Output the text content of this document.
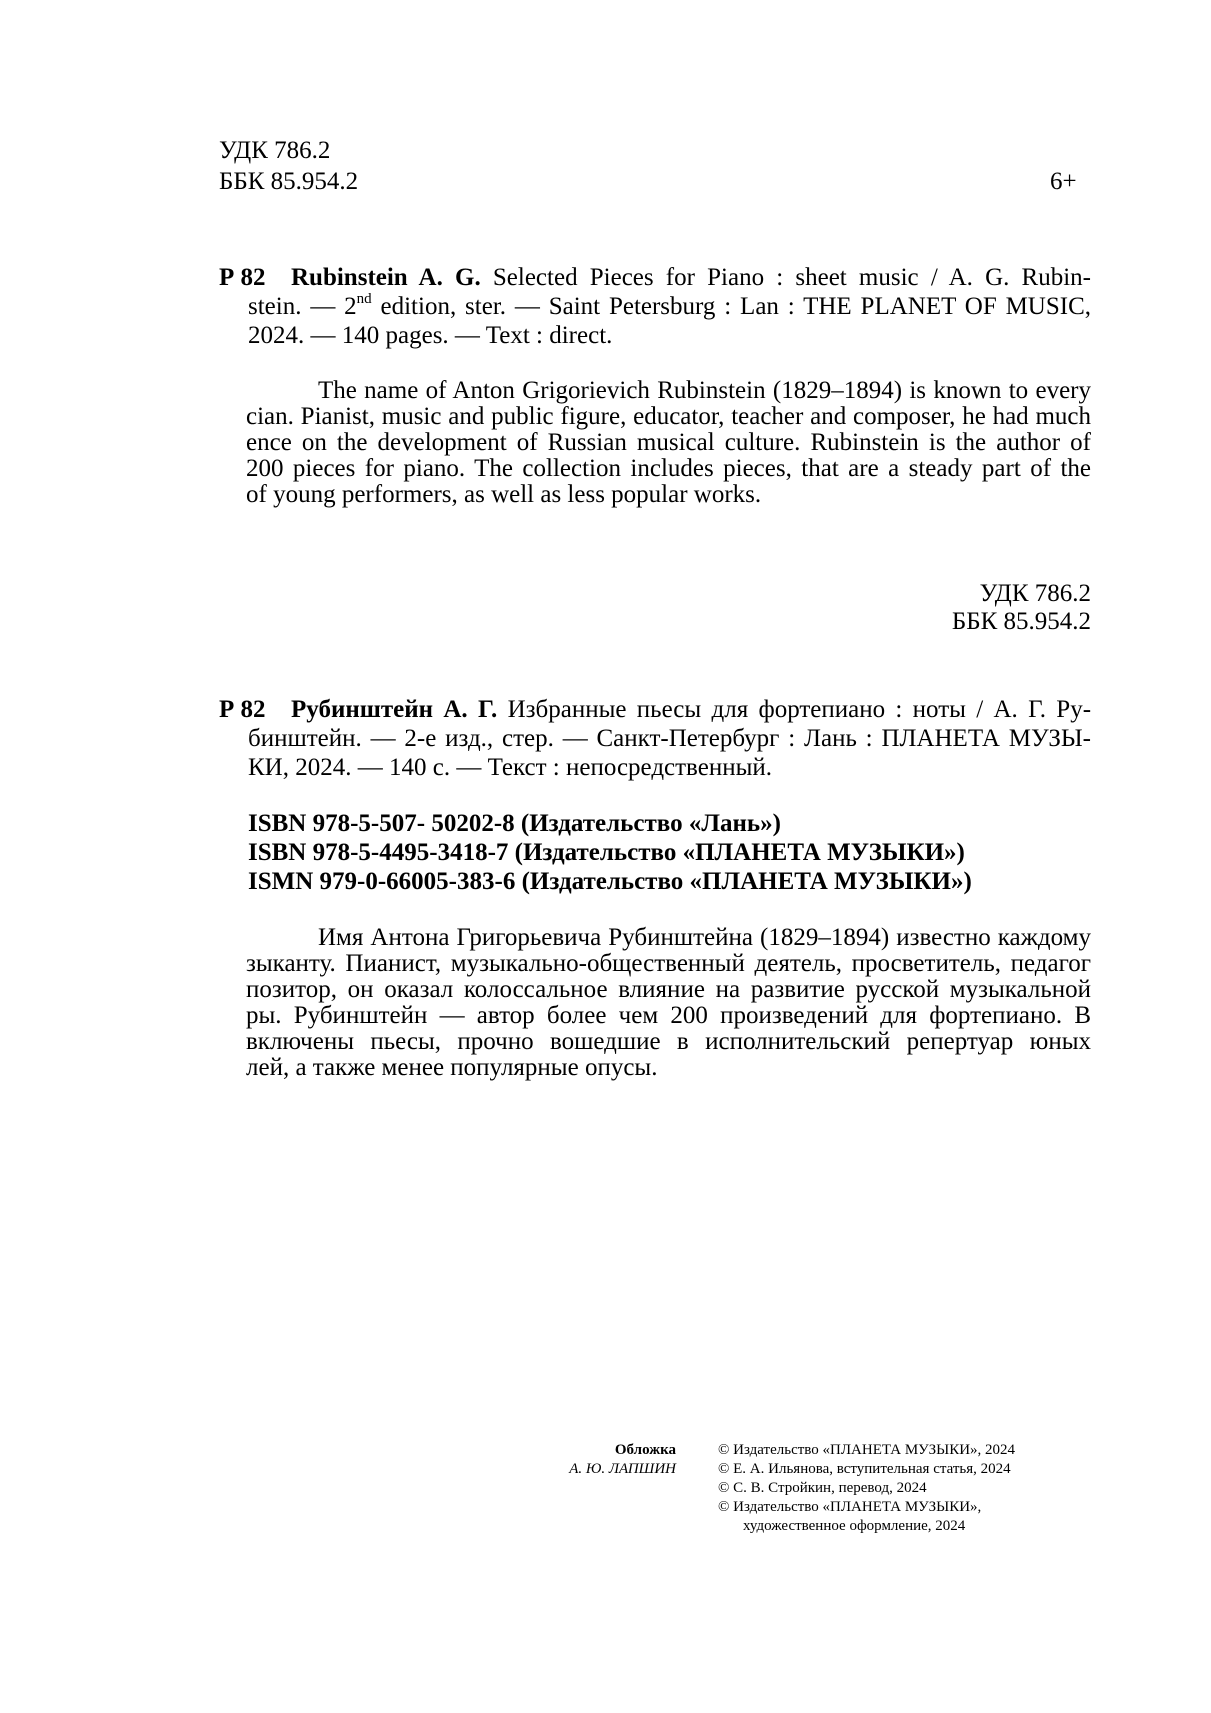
УДК 786.2
ББК 85.954.2	6+
Р 82 Rubinstein A. G. Selected Pieces for Piano : sheet music / A. G. Rubin-
stein. — 2nd edition, ster. — Saint Petersburg : Lan : THE PLANET OF MUSIC,
2024. — 140 pages. — Text : direct.
The name of Anton Grigorievich Rubinstein (1829–1894) is known to every
cian. Pianist, music and public figure, educator, teacher and composer, he had much
ence on the development of Russian musical culture. Rubinstein is the author of
200 pieces for piano. The collection includes pieces, that are a steady part of the
of young performers, as well as less popular works.
УДК 786.2
ББК 85.954.2
Р 82 Рубинштейн А. Г. Избранные пьесы для фортепиано : ноты / А. Г. Ру-
бинштейн. — 2-е изд., стер. — Санкт-Петербург : Лань : ПЛАНЕТА МУЗЫ-
КИ, 2024. — 140 с. — Текст : непосредственный.
ISBN 978-5-507- 50202-8 (Издательство «Лань»)
ISBN 978-5-4495-3418-7 (Издательство «ПЛАНЕТА МУЗЫКИ»)
ISMN 979-0-66005-383-6 (Издательство «ПЛАНЕТА МУЗЫКИ»)
Имя Антона Григорьевича Рубинштейна (1829–1894) известно каждому
зыканту. Пианист, музыкально-общественный деятель, просветитель, педагог
позитор, он оказал колоссальное влияние на развитие русской музыкальной
ры. Рубинштейн — автор более чем 200 произведений для фортепиано. В
включены пьесы, прочно вошедшие в исполнительский репертуар юных
лей, а также менее популярные опусы.
Обложка
А. Ю. ЛАПШИН
© Издательство «ПЛАНЕТА МУЗЫКИ», 2024
© Е. А. Ильянова, вступительная статья, 2024
© С. В. Стройкин, перевод, 2024
© Издательство «ПЛАНЕТА МУЗЫКИ»,
художественное оформление, 2024
